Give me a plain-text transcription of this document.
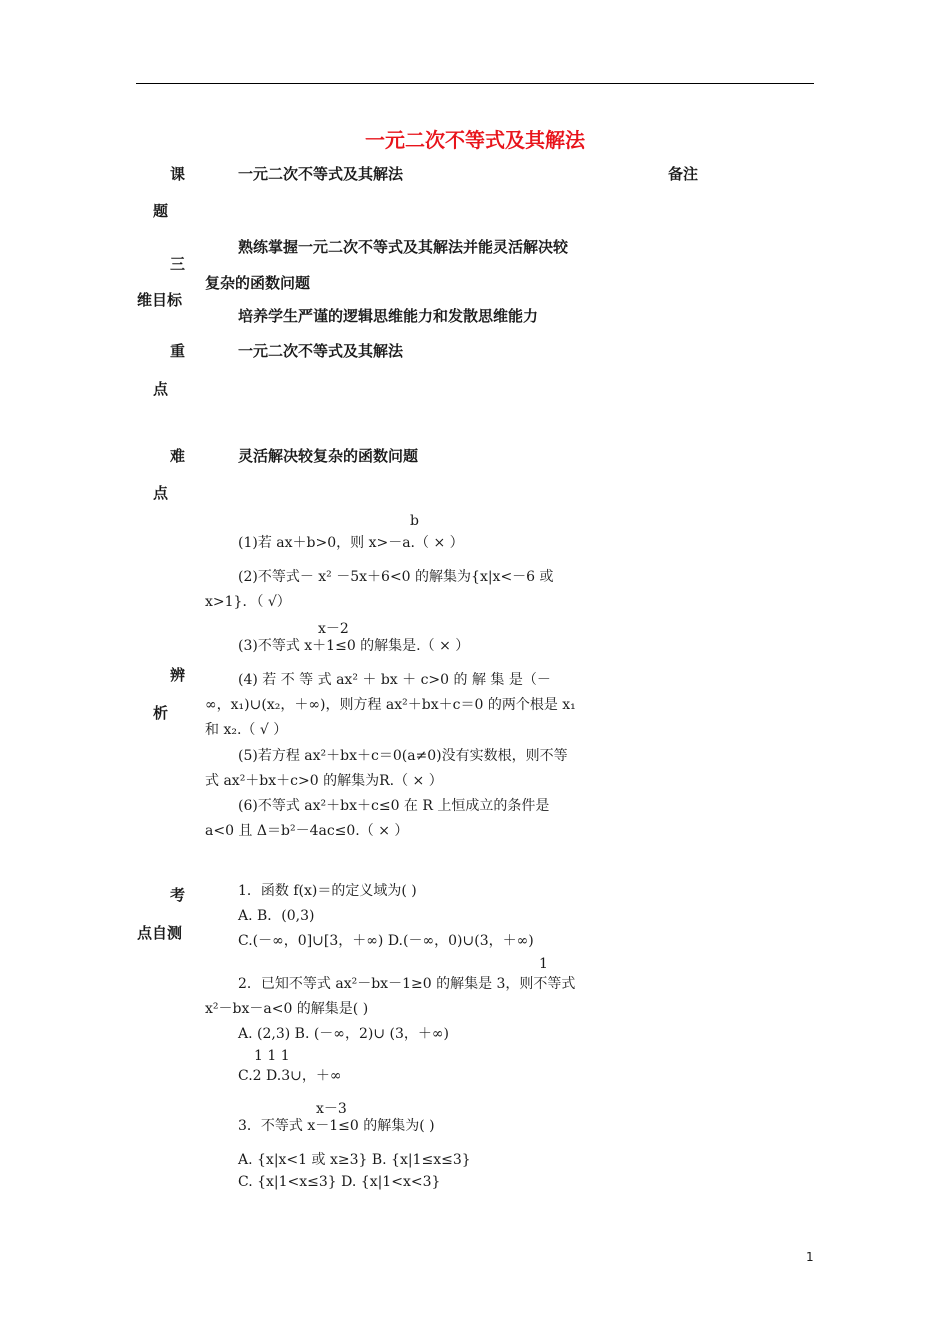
一元二次不等式及其解法
课
题
一元二次不等式及其解法	备注
三
维目标
熟练掌握一元二次不等式及其解法并能灵活解决较
复杂的函数问题
培养学生严谨的逻辑思维能力和发散思维能力
重
点
一元二次不等式及其解法
难
点
灵活解决较复杂的函数问题
辨
析
b
(1)若 ax＋b>0，则 x>－a.（ × ）
(2)不等式－ x² －5x＋6<0 的解集为{x|x<－6 或
x>1}．（ √）
x－2
(3)不等式 x＋1≤0 的解集是.（ × ）
(4) 若 不 等 式 ax² ＋ bx ＋ c>0 的 解 集 是（－
∞，x₁)∪(x₂，＋∞)，则方程 ax²＋bx＋c＝0 的两个根是 x₁
和 x₂.（ √ ）
(5)若方程 ax²＋bx＋c＝0(a≠0)没有实数根，则不等
式 ax²＋bx＋c>0 的解集为R.（ × ）
(6)不等式 ax²＋bx＋c≤0 在 R 上恒成立的条件是
a<0 且 Δ＝b²－4ac≤0.（ × ）
考
点自测
1．函数 f(x)＝的定义域为( )
A. B．(0,3)
C.(－∞，0]∪[3，＋∞) D.(－∞，0)∪(3，＋∞)
1
2．已知不等式 ax²－bx－1≥0 的解集是 3，则不等式
x²－bx－a<0 的解集是( )
A. (2,3) B. (－∞，2)∪ (3，＋∞)
1 1 1
C.2 D.3∪，＋∞
x－3
3．不等式 x－1≤0 的解集为( )
A. {x|x<1 或 x≥3} B. {x|1≤x≤3}
C. {x|1<x≤3} D. {x|1<x<3}
1
